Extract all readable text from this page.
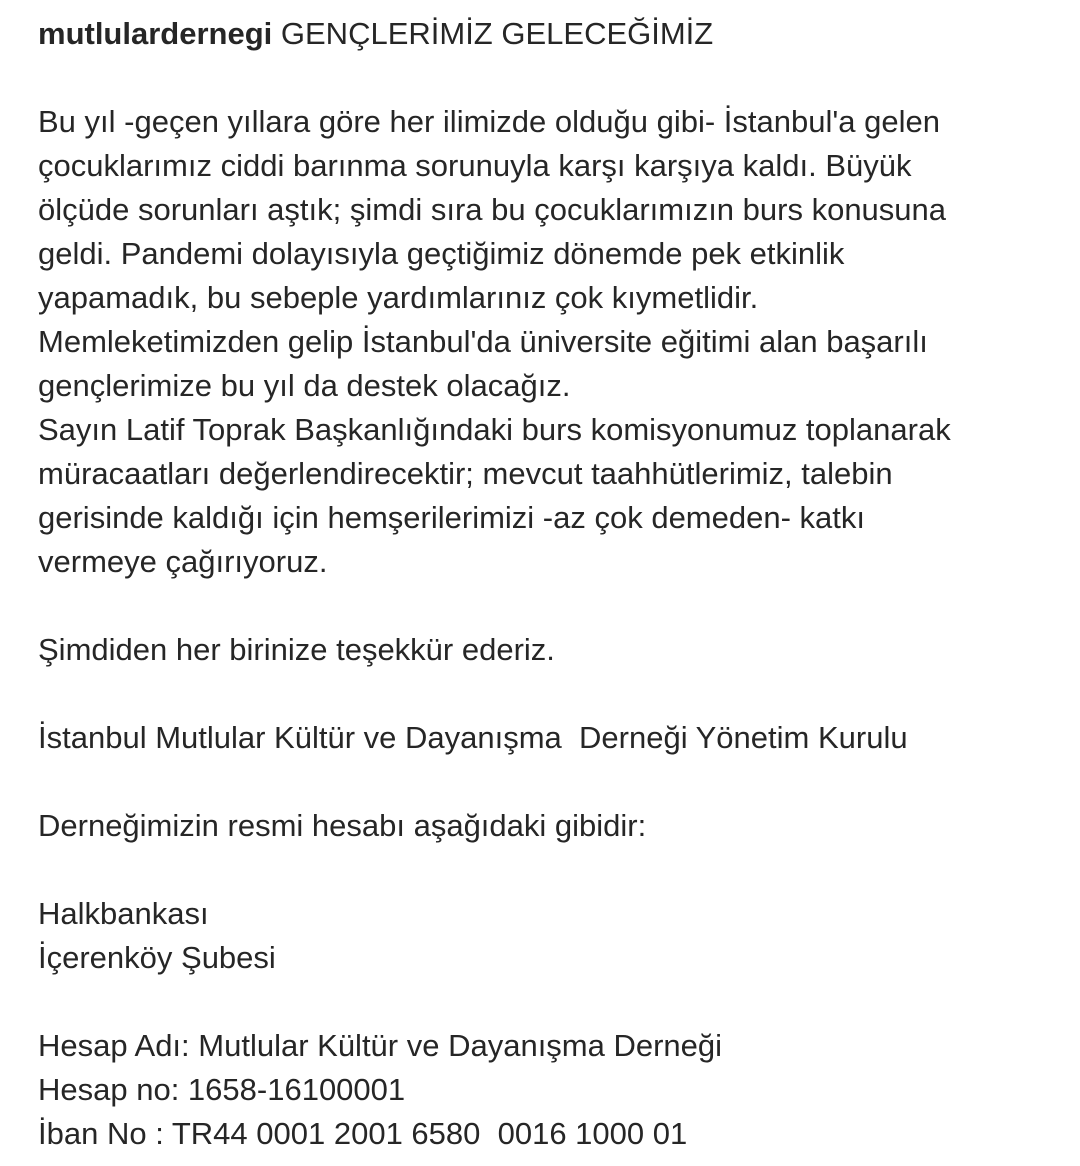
mutlulardernegi GENÇLERİMİZ GELECEĞİMİZ
Bu yıl -geçen yıllara göre her ilimizde olduğu gibi- İstanbul'a gelen
çocuklarımız ciddi barınma sorunuyla karşı karşıya kaldı. Büyük
ölçüde sorunları aştık; şimdi sıra bu çocuklarımızın burs konusuna
geldi. Pandemi dolayısıyla geçtiğimiz dönemde pek etkinlik
yapamadık, bu sebeple yardımlarınız çok kıymetlidir.
Memleketimizden gelip İstanbul'da üniversite eğitimi alan başarılı
gençlerimize bu yıl da destek olacağız.
Sayın Latif Toprak Başkanlığındaki burs komisyonumuz toplanarak
müracaatları değerlendirecektir; mevcut taahhütlerimiz, talebin
gerisinde kaldığı için hemşerilerimizi -az çok demeden- katkı
vermeye çağırıyoruz.
Şimdiden her birinize teşekkür ederiz.
İstanbul Mutlular Kültür ve Dayanışma  Derneği Yönetim Kurulu
Derneğimizin resmi hesabı aşağıdaki gibidir:
Halkbankası
İçerenköy Şubesi
Hesap Adı: Mutlular Kültür ve Dayanışma Derneği
Hesap no: 1658-16100001
İban No : TR44 0001 2001 6580  0016 1000 01
